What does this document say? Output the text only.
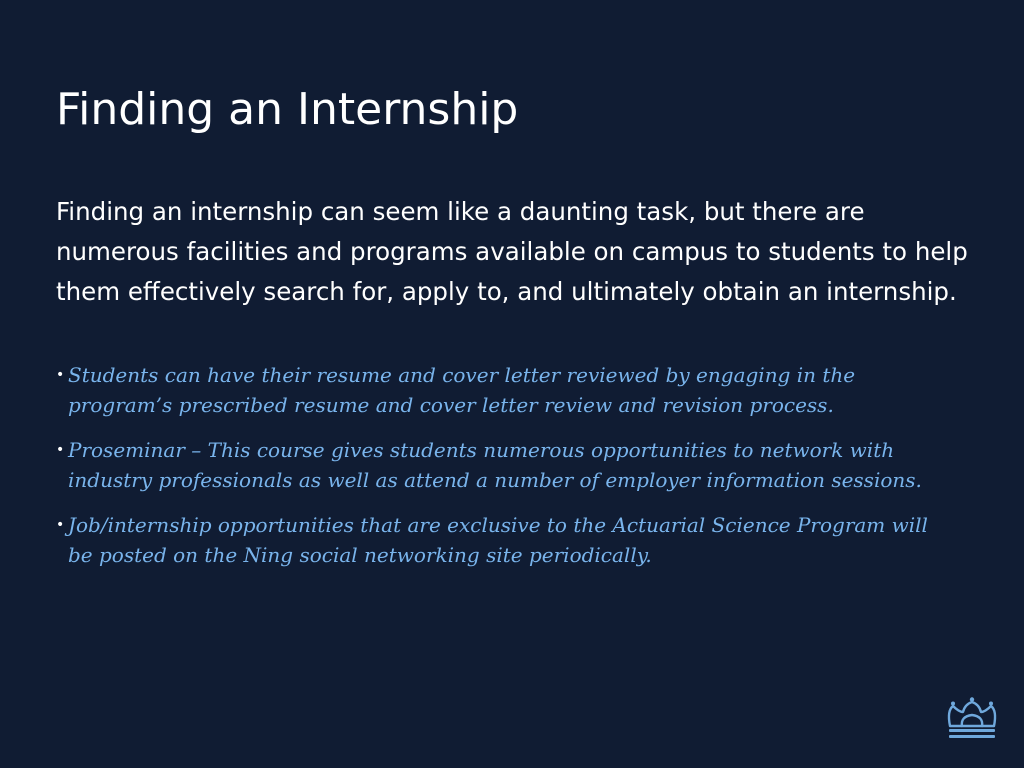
Finding an Internship

Finding an internship can seem like a daunting task, but there are numerous facilities and programs available on campus to students to help them effectively search for, apply to, and ultimately obtain an internship.

• Students can have their resume and cover letter reviewed by engaging in the program’s prescribed resume and cover letter review and revision process.
• Proseminar – This course gives students numerous opportunities to network with industry professionals as well as attend a number of employer information sessions.
• Job/internship opportunities that are exclusive to the Actuarial Science Program will be posted on the Ning social networking site periodically.
